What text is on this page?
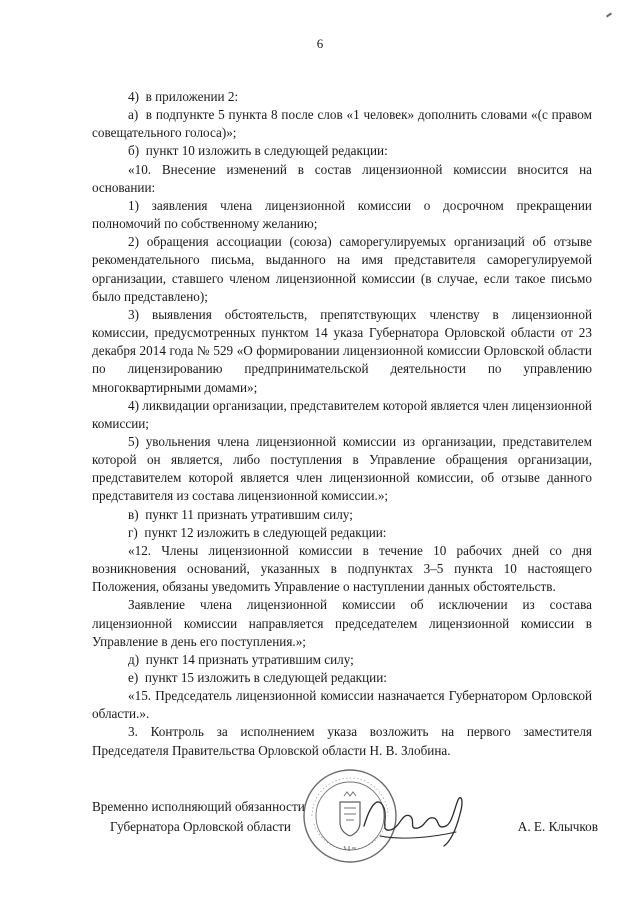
6

4)  в приложении 2:

а)  в подпункте 5 пункта 8 после слов «1 человек» дополнить словами «(с правом совещательного голоса)»;

б)  пункт 10 изложить в следующей редакции:

«10. Внесение изменений в состав лицензионной комиссии вносится на основании:

1) заявления члена лицензионной комиссии о досрочном прекращении полномочий по собственному желанию;

2) обращения ассоциации (союза) саморегулируемых организаций об отзыве рекомендательного письма, выданного на имя представителя саморегулируемой организации, ставшего членом лицензионной комиссии (в случае, если такое письмо было представлено);

3) выявления обстоятельств, препятствующих членству в лицензионной комиссии, предусмотренных пунктом 14 указа Губернатора Орловской области от 23 декабря 2014 года № 529 «О формировании лицензионной комиссии Орловской области по лицензированию предпринимательской деятельности по управлению многоквартирными домами»;

4) ликвидации организации, представителем которой является член лицензионной комиссии;

5) увольнения члена лицензионной комиссии из организации, представителем которой он является, либо поступления в Управление обращения организации, представителем которой является член лицензионной комиссии, об отзыве данного представителя из состава лицензионной комиссии.»;

в)  пункт 11 признать утратившим силу;

г)  пункт 12 изложить в следующей редакции:

«12. Члены лицензионной комиссии в течение 10 рабочих дней со дня возникновения оснований, указанных в подпунктах 3–5 пункта 10 настоящего Положения, обязаны уведомить Управление о наступлении данных обстоятельств.

Заявление члена лицензионной комиссии об исключении из состава лицензионной комиссии направляется председателем лицензионной комиссии в Управление в день его поступления.»;

д)  пункт 14 признать утратившим силу;

е)  пункт 15 изложить в следующей редакции:

«15. Председатель лицензионной комиссии назначается Губернатором Орловской области.».

3. Контроль за исполнением указа возложить на первого заместителя Председателя Правительства Орловской области Н. В. Злобина.

Временно исполняющий обязанности
Губернатора Орловской области	А. Е. Клычков
